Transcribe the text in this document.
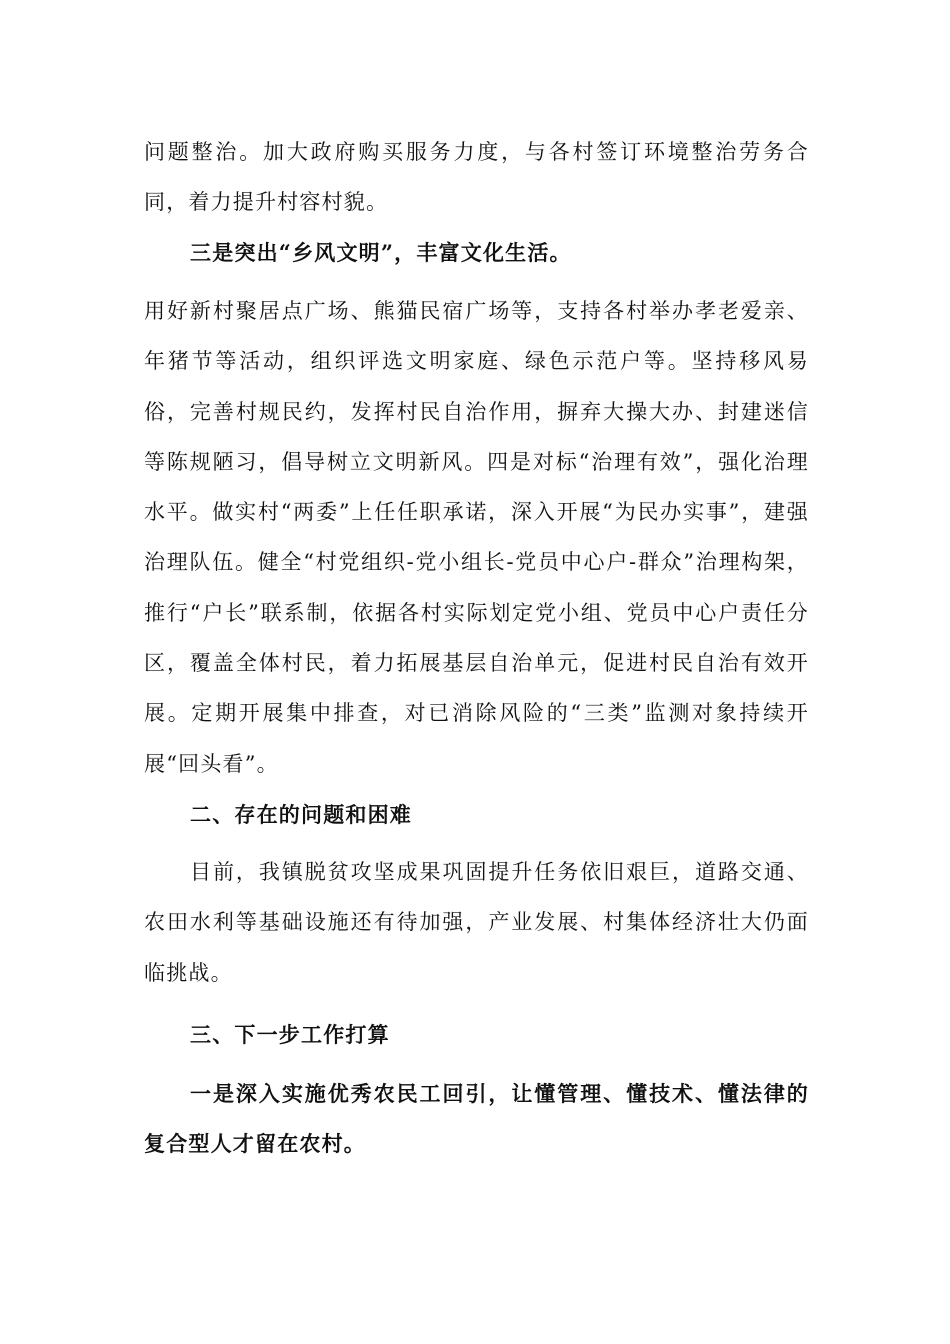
问题整治。加大政府购买服务力度，与各村签订环境整治劳务合同，着力提升村容村貌。

三是突出“乡风文明”，丰富文化生活。

用好新村聚居点广场、熊猫民宿广场等，支持各村举办孝老爱亲、年猪节等活动，组织评选文明家庭、绿色示范户等。坚持移风易俗，完善村规民约，发挥村民自治作用，摒弃大操大办、封建迷信等陈规陋习，倡导树立文明新风。四是对标“治理有效”，强化治理水平。做实村“两委”上任任职承诺，深入开展“为民办实事”，建强治理队伍。健全“村党组织-党小组长-党员中心户-群众”治理构架，推行“户长”联系制，依据各村实际划定党小组、党员中心户责任分区，覆盖全体村民，着力拓展基层自治单元，促进村民自治有效开展。定期开展集中排查，对已消除风险的“三类”监测对象持续开展“回头看”。

二、存在的问题和困难

目前，我镇脱贫攻坚成果巩固提升任务依旧艰巨，道路交通、农田水利等基础设施还有待加强，产业发展、村集体经济壮大仍面临挑战。

三、下一步工作打算

一是深入实施优秀农民工回引，让懂管理、懂技术、懂法律的复合型人才留在农村。
